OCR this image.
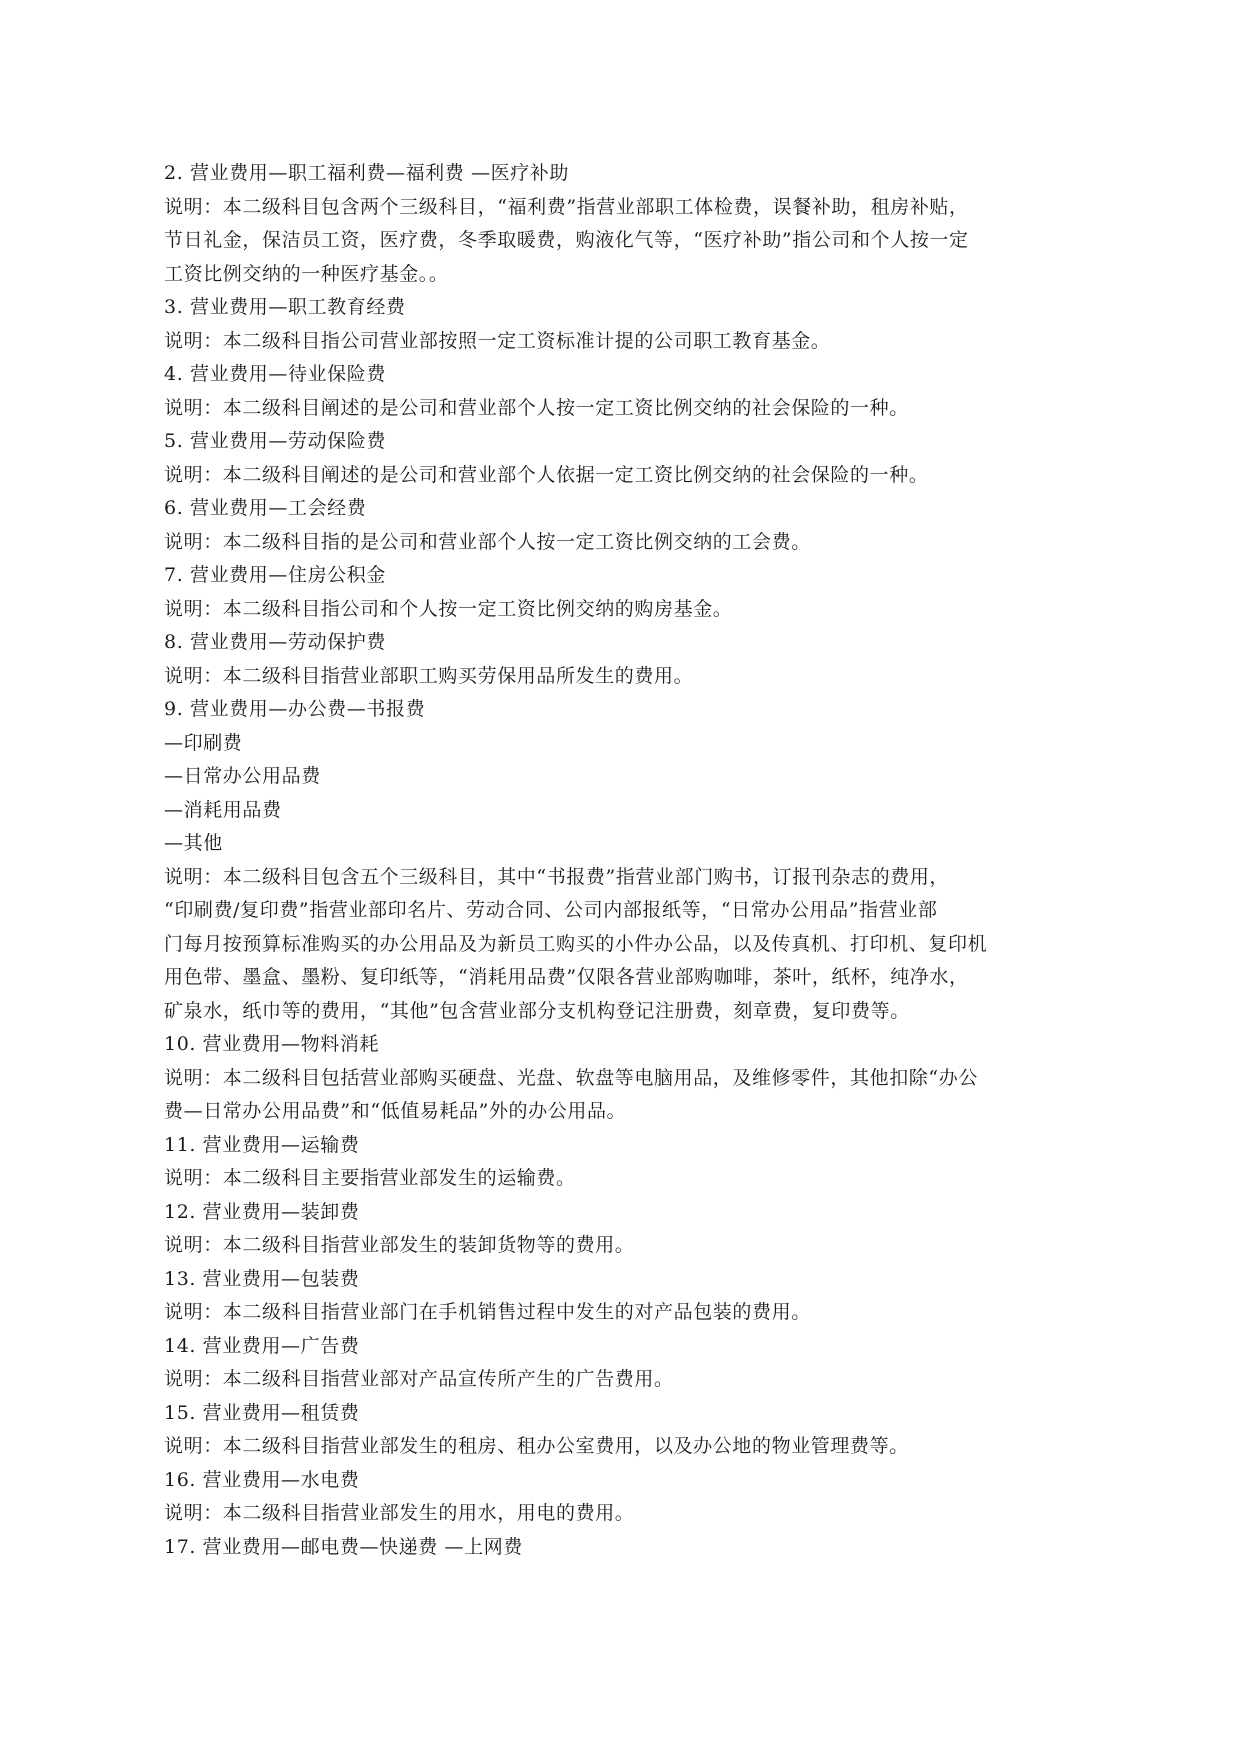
2. 营业费用—职工福利费—福利费 —医疗补助
说明：本二级科目包含两个三级科目，“福利费”指营业部职工体检费，误餐补助，租房补贴，
节日礼金，保洁员工资，医疗费，冬季取暖费，购液化气等，“医疗补助”指公司和个人按一定
工资比例交纳的一种医疗基金。。
3. 营业费用—职工教育经费
说明：本二级科目指公司营业部按照一定工资标准计提的公司职工教育基金。
4. 营业费用—待业保险费
说明：本二级科目阐述的是公司和营业部个人按一定工资比例交纳的社会保险的一种。
5. 营业费用—劳动保险费
说明：本二级科目阐述的是公司和营业部个人依据一定工资比例交纳的社会保险的一种。
6. 营业费用—工会经费
说明：本二级科目指的是公司和营业部个人按一定工资比例交纳的工会费。
7. 营业费用—住房公积金
说明：本二级科目指公司和个人按一定工资比例交纳的购房基金。
8. 营业费用—劳动保护费
说明：本二级科目指营业部职工购买劳保用品所发生的费用。
9. 营业费用—办公费—书报费
—印刷费
—日常办公用品费
—消耗用品费
—其他
说明：本二级科目包含五个三级科目，其中“书报费”指营业部门购书，订报刊杂志的费用，
“印刷费/复印费”指营业部印名片、劳动合同、公司内部报纸等，“日常办公用品”指营业部
门每月按预算标准购买的办公用品及为新员工购买的小件办公品，以及传真机、打印机、复印机
用色带、墨盒、墨粉、复印纸等，“消耗用品费”仅限各营业部购咖啡，茶叶，纸杯，纯净水，
矿泉水，纸巾等的费用，“其他”包含营业部分支机构登记注册费，刻章费，复印费等。
10. 营业费用—物料消耗
说明：本二级科目包括营业部购买硬盘、光盘、软盘等电脑用品，及维修零件，其他扣除“办公
费—日常办公用品费”和“低值易耗品”外的办公用品。
11. 营业费用—运输费
说明：本二级科目主要指营业部发生的运输费。
12. 营业费用—装卸费
说明：本二级科目指营业部发生的装卸货物等的费用。
13. 营业费用—包装费
说明：本二级科目指营业部门在手机销售过程中发生的对产品包装的费用。
14. 营业费用—广告费
说明：本二级科目指营业部对产品宣传所产生的广告费用。
15. 营业费用—租赁费
说明：本二级科目指营业部发生的租房、租办公室费用，以及办公地的物业管理费等。
16. 营业费用—水电费
说明：本二级科目指营业部发生的用水，用电的费用。
17. 营业费用—邮电费—快递费 —上网费
